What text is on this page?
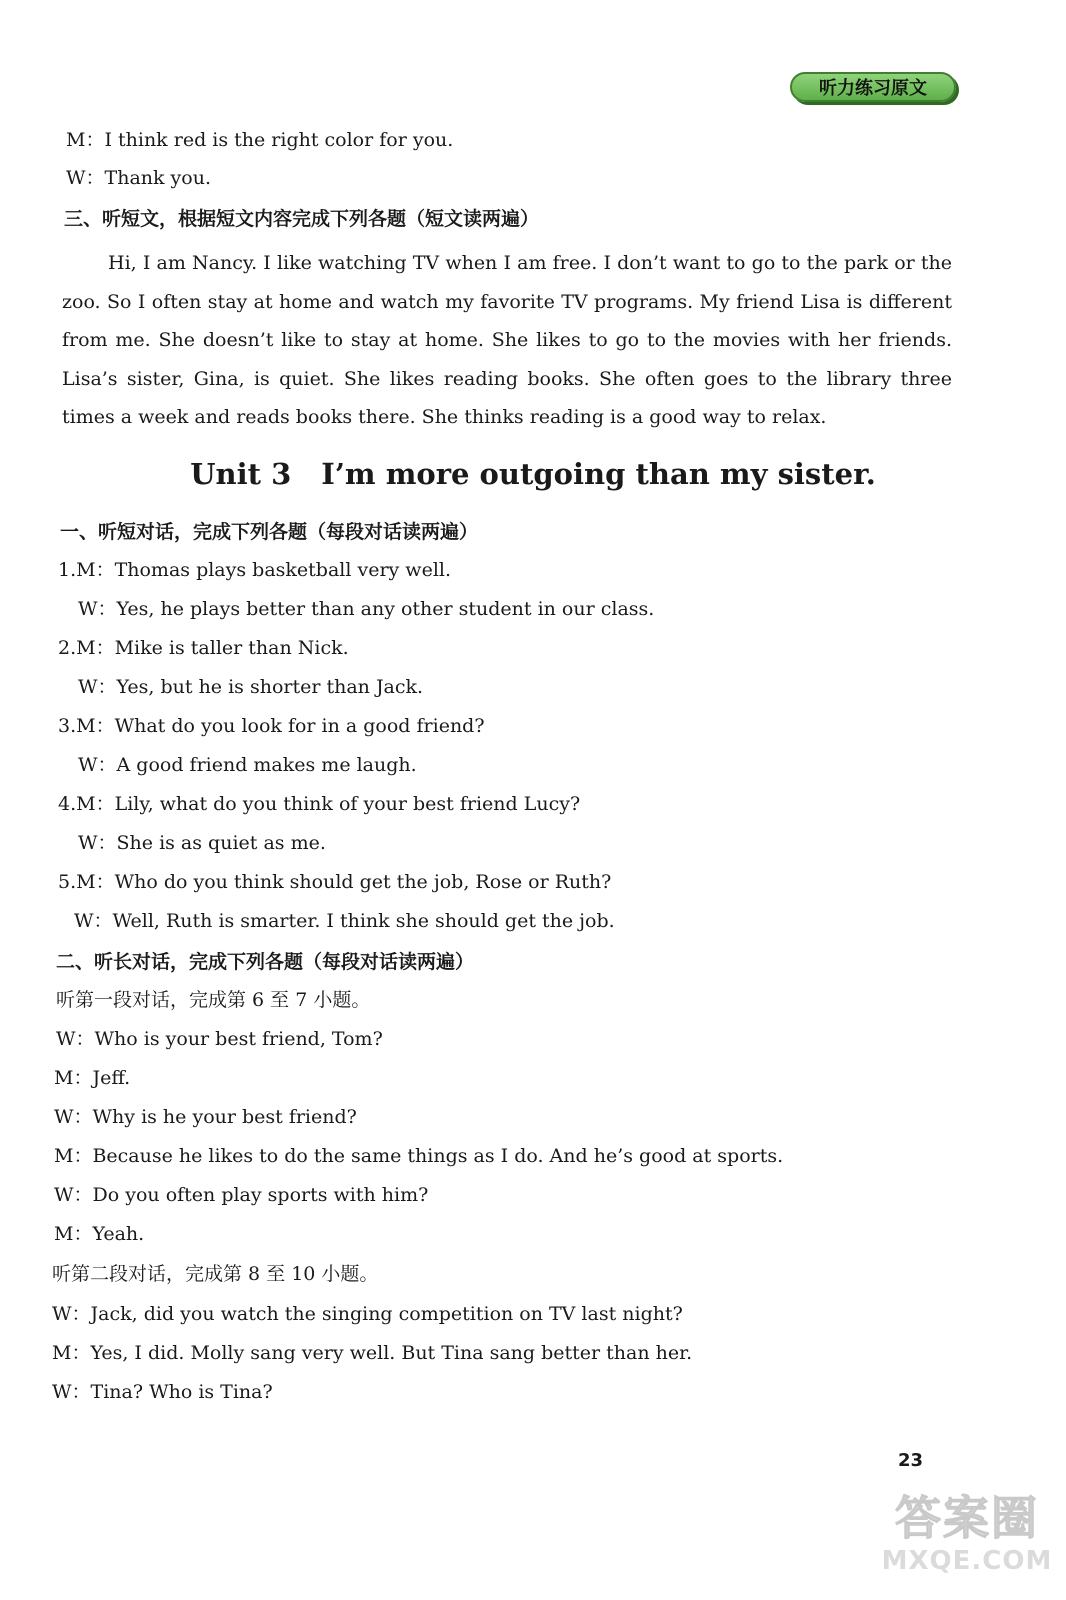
听力练习原文
M：I think red is the right color for you.
W：Thank you.
三、听短文，根据短文内容完成下列各题（短文读两遍）
Hi, I am Nancy. I like watching TV when I am free. I don’t want to go to the park or the zoo. So I often stay at home and watch my favorite TV programs. My friend Lisa is different from me. She doesn’t like to stay at home. She likes to go to the movies with her friends. Lisa’s sister, Gina, is quiet. She likes reading books. She often goes to the library three times a week and reads books there. She thinks reading is a good way to relax.
Unit 3 I’m more outgoing than my sister.
一、听短对话，完成下列各题（每段对话读两遍）
1.M：Thomas plays basketball very well.
W：Yes, he plays better than any other student in our class.
2.M：Mike is taller than Nick.
W：Yes, but he is shorter than Jack.
3.M：What do you look for in a good friend?
W：A good friend makes me laugh.
4.M：Lily, what do you think of your best friend Lucy?
W：She is as quiet as me.
5.M：Who do you think should get the job, Rose or Ruth?
W：Well, Ruth is smarter. I think she should get the job.
二、听长对话，完成下列各题（每段对话读两遍）
听第一段对话，完成第 6 至 7 小题。
W：Who is your best friend, Tom?
M：Jeff.
W：Why is he your best friend?
M：Because he likes to do the same things as I do. And he’s good at sports.
W：Do you often play sports with him?
M：Yeah.
听第二段对话，完成第 8 至 10 小题。
W：Jack, did you watch the singing competition on TV last night?
M：Yes, I did. Molly sang very well. But Tina sang better than her.
W：Tina? Who is Tina?
23
答案圈
MXQE.COM
